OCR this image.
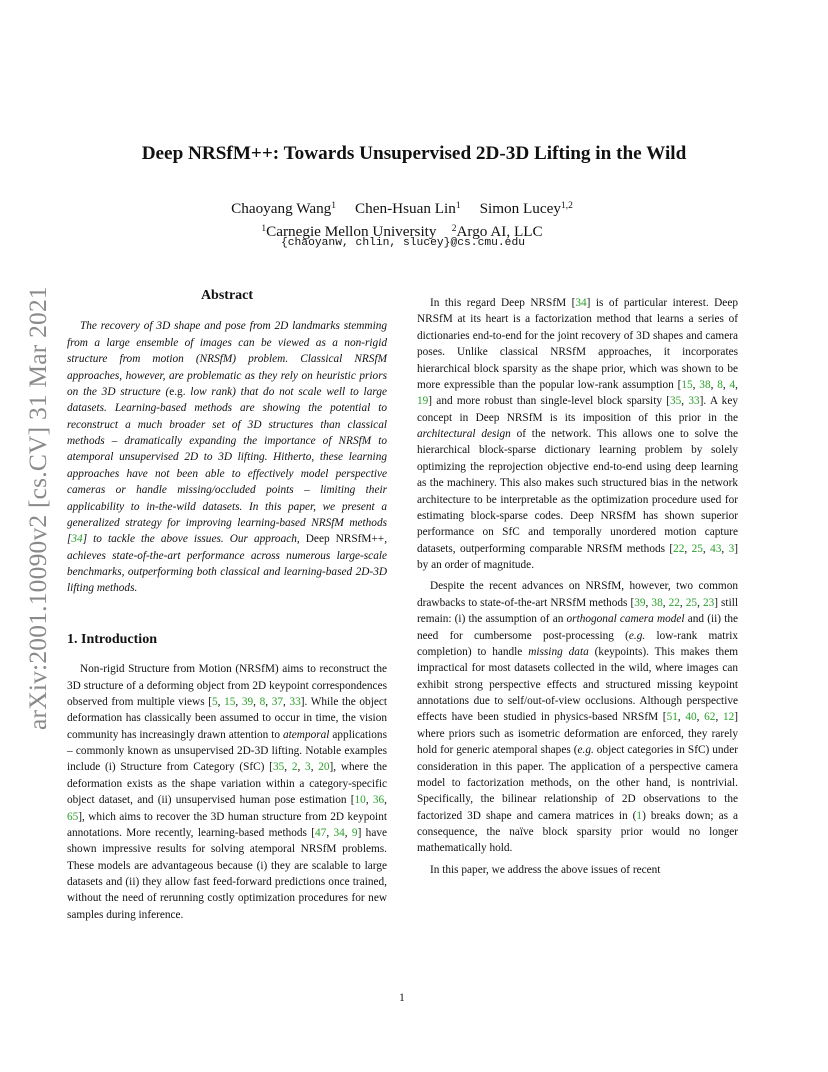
arXiv:2001.10090v2 [cs.CV] 31 Mar 2021
Deep NRSfM++: Towards Unsupervised 2D-3D Lifting in the Wild
Chaoyang Wang$^1$ Chen-Hsuan Lin$^1$ Simon Lucey$^{1,2}$
$^1$Carnegie Mellon University $^2$Argo AI, LLC
{chaoyanw, chlin, slucey}@cs.cmu.edu
Abstract

The recovery of 3D shape and pose from 2D landmarks stemming from a large ensemble of images can be viewed as a non-rigid structure from motion (NRSfM) problem. Classical NRSfM approaches, however, are problematic as they rely on heuristic priors on the 3D structure (e.g. low rank) that do not scale well to large datasets. Learning-based methods are showing the potential to reconstruct a much broader set of 3D structures than classical methods – dramatically expanding the importance of NRSfM to atemporal unsupervised 2D to 3D lifting. Hitherto, these learning approaches have not been able to effectively model perspective cameras or handle missing/occluded points – limiting their applicability to in-the-wild datasets. In this paper, we present a generalized strategy for improving learning-based NRSfM methods [34] to tackle the above issues. Our approach, Deep NRSfM++, achieves state-of-the-art performance across numerous large-scale benchmarks, outperforming both classical and learning-based 2D-3D lifting methods.

1. Introduction

Non-rigid Structure from Motion (NRSfM) aims to reconstruct the 3D structure of a deforming object from 2D keypoint correspondences observed from multiple views [5, 15, 39, 8, 37, 33]. While the object deformation has classically been assumed to occur in time, the vision community has increasingly drawn attention to atemporal applications – commonly known as unsupervised 2D-3D lifting. Notable examples include (i) Structure from Category (SfC) [35, 2, 3, 20], where the deformation exists as the shape variation within a category-specific object dataset, and (ii) unsupervised human pose estimation [10, 36, 65], which aims to recover the 3D human structure from 2D keypoint annotations. More recently, learning-based methods [47, 34, 9] have shown impressive results for solving atemporal NRSfM problems. These models are advantageous because (i) they are scalable to large datasets and (ii) they allow fast feed-forward predictions once trained, without the need of rerunning costly optimization procedures for new samples during inference.

In this regard Deep NRSfM [34] is of particular interest. Deep NRSfM at its heart is a factorization method that learns a series of dictionaries end-to-end for the joint recovery of 3D shapes and camera poses. Unlike classical NRSfM approaches, it incorporates hierarchical block sparsity as the shape prior, which was shown to be more expressible than the popular low-rank assumption [15, 38, 8, 4, 19] and more robust than single-level block sparsity [35, 33]. A key concept in Deep NRSfM is its imposition of this prior in the architectural design of the network. This allows one to solve the hierarchical block-sparse dictionary learning problem by solely optimizing the reprojection objective end-to-end using deep learning as the machinery. This also makes such structured bias in the network architecture to be interpretable as the optimization procedure used for estimating block-sparse codes. Deep NRSfM has shown superior performance on SfC and temporally unordered motion capture datasets, outperforming comparable NRSfM methods [22, 25, 43, 3] by an order of magnitude.

Despite the recent advances on NRSfM, however, two common drawbacks to state-of-the-art NRSfM methods [39, 38, 22, 25, 23] still remain: (i) the assumption of an orthogonal camera model and (ii) the need for cumbersome post-processing (e.g. low-rank matrix completion) to handle missing data (keypoints). This makes them impractical for most datasets collected in the wild, where images can exhibit strong perspective effects and structured missing keypoint annotations due to self/out-of-view occlusions. Although perspective effects have been studied in physics-based NRSfM [51, 40, 62, 12] where priors such as isometric deformation are enforced, they rarely hold for generic atemporal shapes (e.g. object categories in SfC) under consideration in this paper. The application of a perspective camera model to factorization methods, on the other hand, is nontrivial. Specifically, the bilinear relationship of 2D observations to the factorized 3D shape and camera matrices in (1) breaks down; as a consequence, the naïve block sparsity prior would no longer mathematically hold.

In this paper, we address the above issues of recent

1
